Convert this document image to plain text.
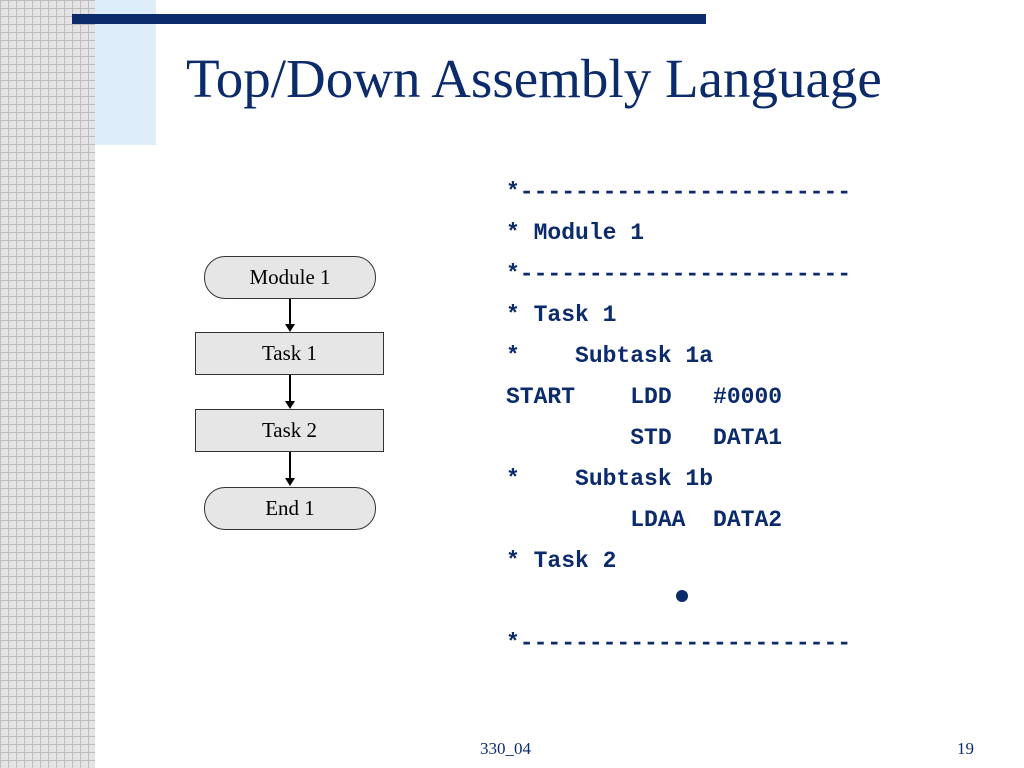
Top/Down Assembly Language
Module 1
Task 1
Task 2
End 1
*------------------------
* Module 1
*------------------------
* Task 1
*    Subtask 1a
START    LDD   #0000
STD   DATA1
*    Subtask 1b
LDAA  DATA2
* Task 2
*------------------------
330_04	19
